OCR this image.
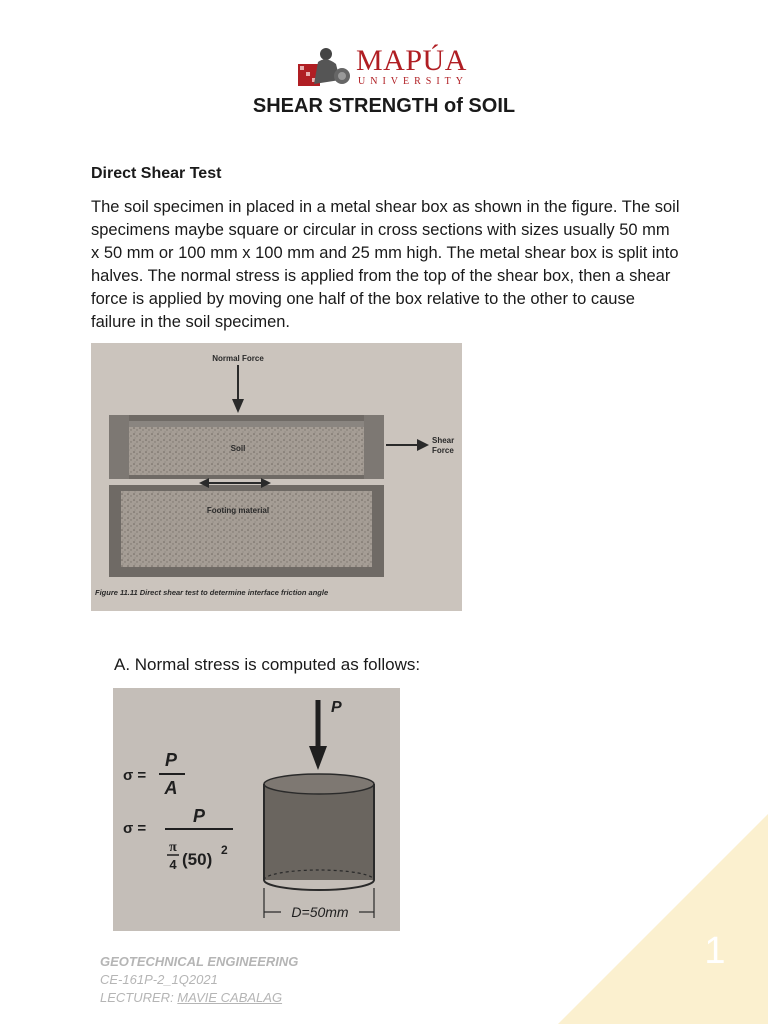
MAPÚA
UNIVERSITY
SHEAR STRENGTH of SOIL
Direct Shear Test
The soil specimen in placed in a metal shear box as shown in the figure. The soil specimens maybe square or circular in cross sections with sizes usually 50 mm x 50 mm or 100 mm x 100 mm and 25 mm high. The metal shear box is split into halves. The normal stress is applied from the top of the shear box, then a shear force is applied by moving one half of the box relative to the other to cause failure in the soil specimen.
Normal Force
Soil
Shear
Force
Footing material
Figure 11.11 Direct shear test to determine interface friction angle
A. Normal stress is computed as follows:
P
D=50mm
σ =
P
A
σ =
P
π
4 (50) 2
GEOTECHNICAL ENGINEERING
CE-161P-2_1Q2021
LECTURER: MAVIE CABALAG
1
